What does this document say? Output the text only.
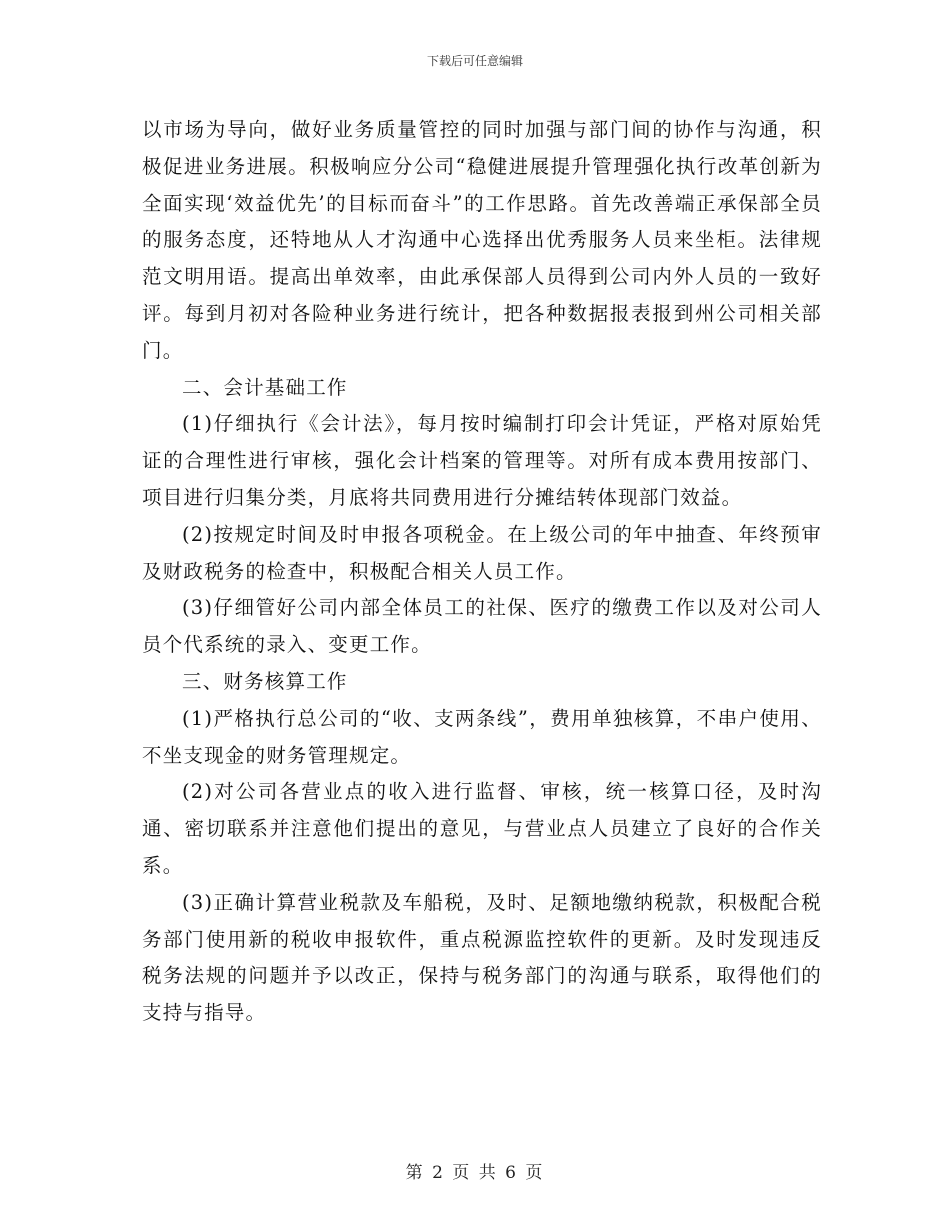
下载后可任意编辑

以市场为导向，做好业务质量管控的同时加强与部门间的协作与沟通，积极促进业务进展。积极响应分公司“稳健进展提升管理强化执行改革创新为全面实现‘效益优先’的目标而奋斗”的工作思路。首先改善端正承保部全员的服务态度，还特地从人才沟通中心选择出优秀服务人员来坐柜。法律规范文明用语。提高出单效率，由此承保部人员得到公司内外人员的一致好评。每到月初对各险种业务进行统计，把各种数据报表报到州公司相关部门。

二、会计基础工作

(1)仔细执行《会计法》，每月按时编制打印会计凭证，严格对原始凭证的合理性进行审核，强化会计档案的管理等。对所有成本费用按部门、项目进行归集分类，月底将共同费用进行分摊结转体现部门效益。

(2)按规定时间及时申报各项税金。在上级公司的年中抽查、年终预审及财政税务的检查中，积极配合相关人员工作。

(3)仔细管好公司内部全体员工的社保、医疗的缴费工作以及对公司人员个代系统的录入、变更工作。

三、财务核算工作

(1)严格执行总公司的“收、支两条线”，费用单独核算，不串户使用、不坐支现金的财务管理规定。

(2)对公司各营业点的收入进行监督、审核，统一核算口径，及时沟通、密切联系并注意他们提出的意见，与营业点人员建立了良好的合作关系。

(3)正确计算营业税款及车船税，及时、足额地缴纳税款，积极配合税务部门使用新的税收申报软件，重点税源监控软件的更新。及时发现违反税务法规的问题并予以改正，保持与税务部门的沟通与联系，取得他们的支持与指导。

第 2 页 共 6 页
